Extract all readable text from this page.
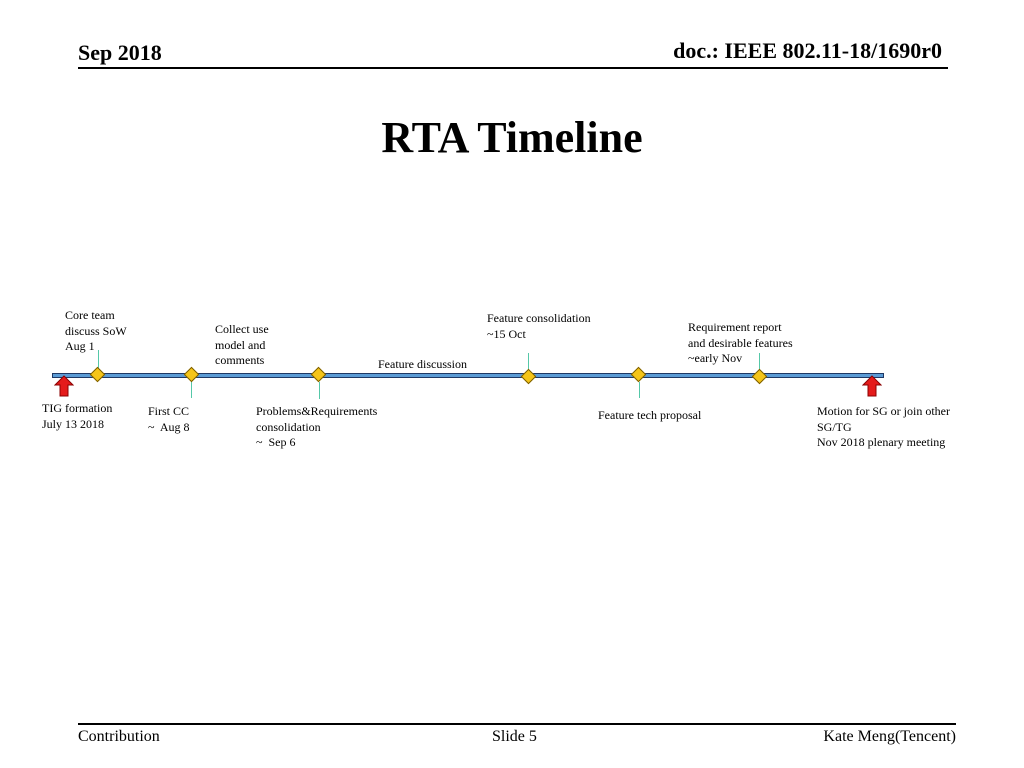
Sep 2018	doc.: IEEE 802.11-18/1690r0
RTA Timeline
Core team
discuss SoW
Aug 1
Collect use
model and
comments
Feature consolidation
~15 Oct	Requirement report
and desirable features
~early Nov
Feature discussion
TIG formation
July 13 2018
First CC
~  Aug 8
Problems&Requirements
consolidation
~  Sep 6
Feature tech proposal	Motion for SG or join other
SG/TG
Nov 2018 plenary meeting
Contribution	Slide 5	Kate Meng(Tencent)
